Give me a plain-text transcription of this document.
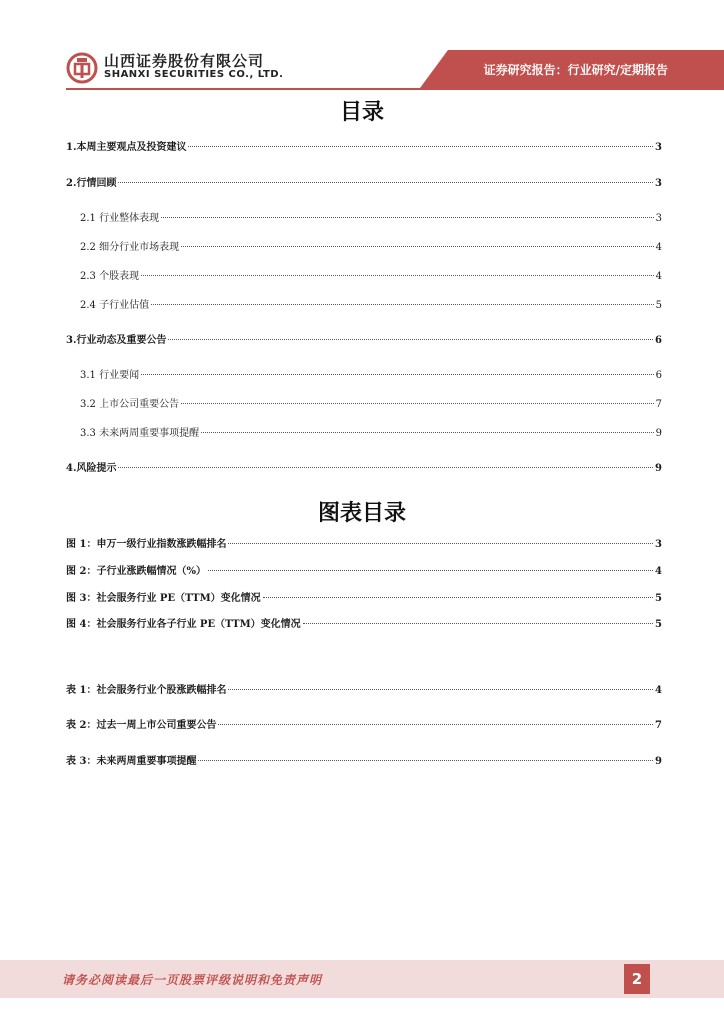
山西证券股份有限公司
SHANXI SECURITIES CO., LTD.	证券研究报告：行业研究/定期报告
目录
1.本周主要观点及投资建议	3
2.行情回顾	3
2.1 行业整体表现	3
2.2 细分行业市场表现	4
2.3 个股表现	4
2.4 子行业估值	5
3.行业动态及重要公告	6
3.1 行业要闻	6
3.2 上市公司重要公告	7
3.3 未来两周重要事项提醒	9
4.风险提示	9
图表目录
图 1：申万一级行业指数涨跌幅排名	3
图 2：子行业涨跌幅情况（%）	4
图 3：社会服务行业 PE（TTM）变化情况	5
图 4：社会服务行业各子行业 PE（TTM）变化情况	5
表 1：社会服务行业个股涨跌幅排名	4
表 2：过去一周上市公司重要公告	7
表 3：未来两周重要事项提醒	9
请务必阅读最后一页股票评级说明和免责声明	2
